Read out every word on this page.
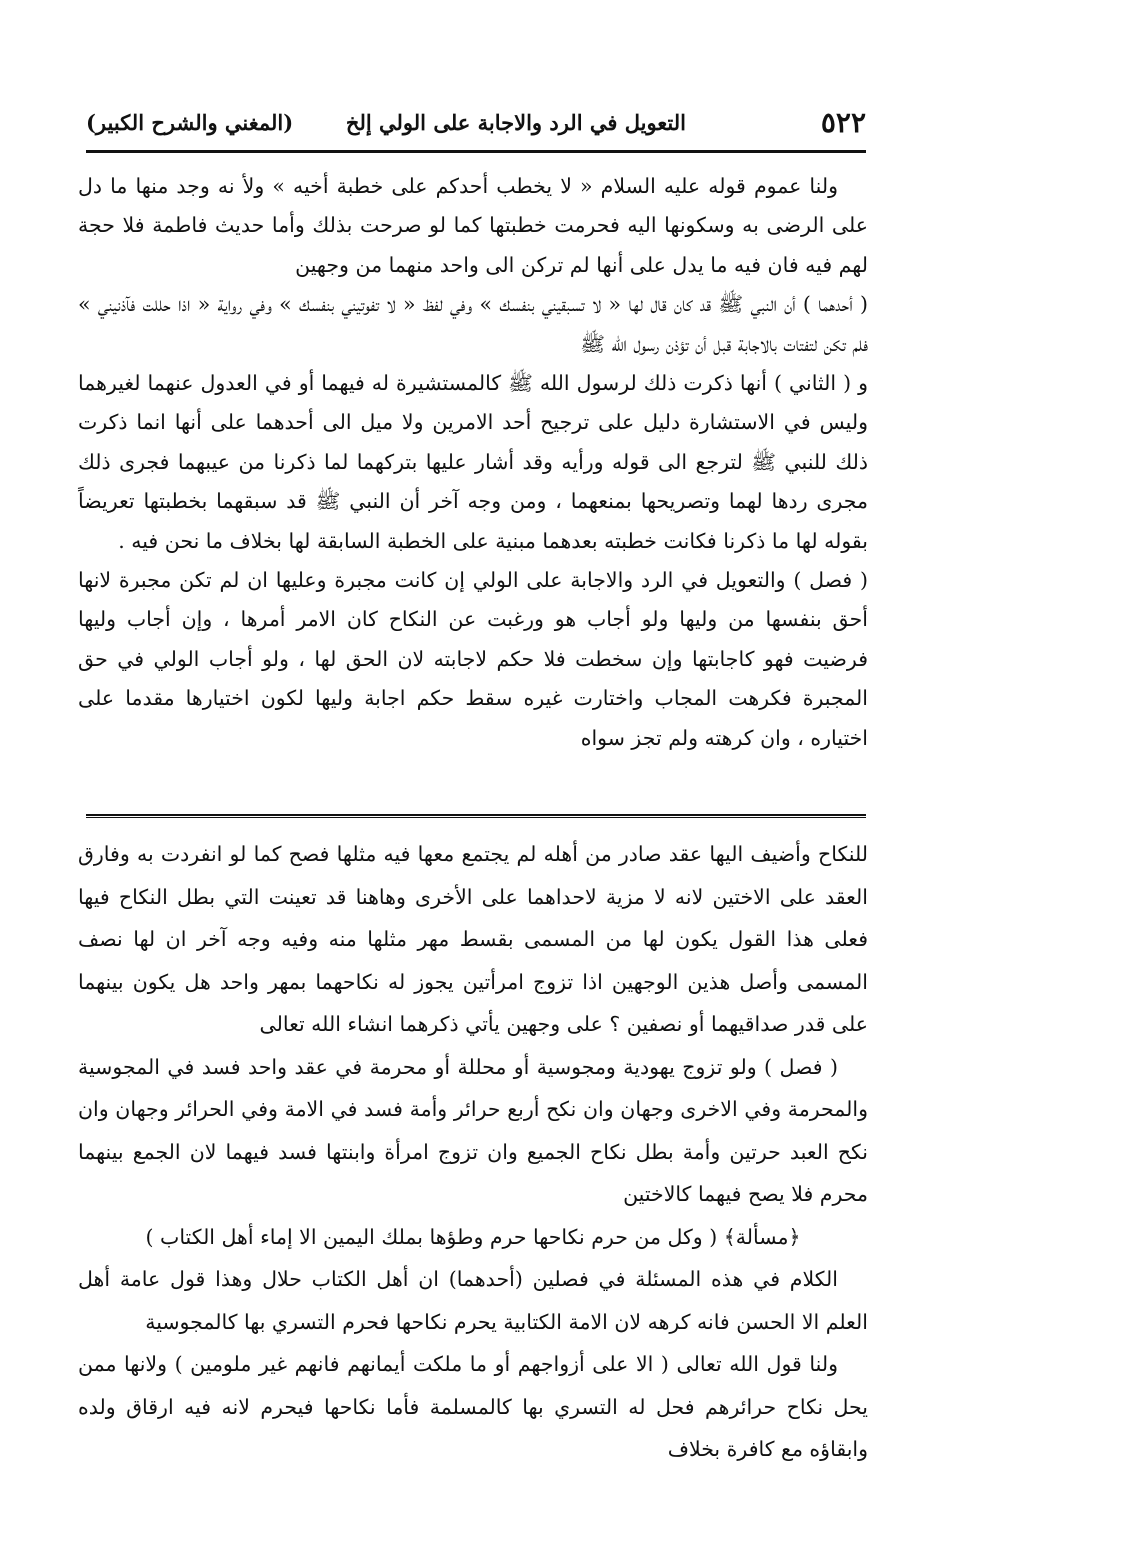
٥٢٢
التعويل في الرد والاجابة على الولي إلخ
(المغني والشرح الكبير)

ولنا عموم قوله عليه السلام « لا يخطب أحدكم على خطبة أخيه » ولأ نه وجد منها ما دل على الرضى به وسكونها اليه فحرمت خطبتها كما لو صرحت بذلك وأما حديث فاطمة فلا حجة لهم فيه فان فيه ما يدل على أنها لم تركن الى واحد منهما من وجهين

( أحدهما ) أن النبي ﷺ قد كان قال لها « لا تسبقيني بنفسك » وفي لفظ « لا تفوتيني بنفسك » وفي رواية « اذا حللت فآذنيني » فلم تكن لتفتات بالاجابة قبل أن تؤذن رسول الله ﷺ

و ( الثاني ) أنها ذكرت ذلك لرسول الله ﷺ كالمستشيرة له فيهما أو في العدول عنهما لغيرهما وليس في الاستشارة دليل على ترجيح أحد الامرين ولا ميل الى أحدهما على أنها انما ذكرت ذلك للنبي ﷺ لترجع الى قوله ورأيه وقد أشار عليها بتركهما لما ذكرنا من عيبهما فجرى ذلك مجرى ردها لهما وتصريحها بمنعهما ، ومن وجه آخر أن النبي ﷺ قد سبقهما بخطبتها تعريضاً بقوله لها ما ذكرنا فكانت خطبته بعدهما مبنية على الخطبة السابقة لها بخلاف ما نحن فيه .

( فصل ) والتعويل في الرد والاجابة على الولي إن كانت مجبرة وعليها ان لم تكن مجبرة لانها أحق بنفسها من وليها ولو أجاب هو ورغبت عن النكاح كان الامر أمرها ، وإن أجاب وليها فرضيت فهو كاجابتها وإن سخطت فلا حكم لاجابته لان الحق لها ، ولو أجاب الولي في حق المجبرة فكرهت المجاب واختارت غيره سقط حكم اجابة وليها لكون اختيارها مقدما على اختياره ، وان كرهته ولم تجز سواه

للنكاح وأضيف اليها عقد صادر من أهله لم يجتمع معها فيه مثلها فصح كما لو انفردت به وفارق العقد على الاختين لانه لا مزية لاحداهما على الأخرى وهاهنا قد تعينت التي بطل النكاح فيها فعلى هذا القول يكون لها من المسمى بقسط مهر مثلها منه وفيه وجه آخر ان لها نصف المسمى وأصل هذين الوجهين اذا تزوج امرأتين يجوز له نكاحهما بمهر واحد هل يكون بينهما على قدر صداقيهما أو نصفين ؟ على وجهين يأتي ذكرهما انشاء الله تعالى

( فصل ) ولو تزوج يهودية ومجوسية أو محللة أو محرمة في عقد واحد فسد في المجوسية والمحرمة وفي الاخرى وجهان وان نكح أربع حرائر وأمة فسد في الامة وفي الحرائر وجهان وان نكح العبد حرتين وأمة بطل نكاح الجميع وان تزوج امرأة وابنتها فسد فيهما لان الجمع بينهما محرم فلا يصح فيهما كالاختين

﴿مسألة﴾ ( وكل من حرم نكاحها حرم وطؤها بملك اليمين الا إماء أهل الكتاب )

الكلام في هذه المسئلة في فصلين (أحدهما) ان أهل الكتاب حلال وهذا قول عامة أهل العلم الا الحسن فانه كرهه لان الامة الكتابية يحرم نكاحها فحرم التسري بها كالمجوسية

ولنا قول الله تعالى ( الا على أزواجهم أو ما ملكت أيمانهم فانهم غير ملومين ) ولانها ممن يحل نكاح حرائرهم فحل له التسري بها كالمسلمة فأما نكاحها فيحرم لانه فيه ارقاق ولده وابقاؤه مع كافرة بخلاف
